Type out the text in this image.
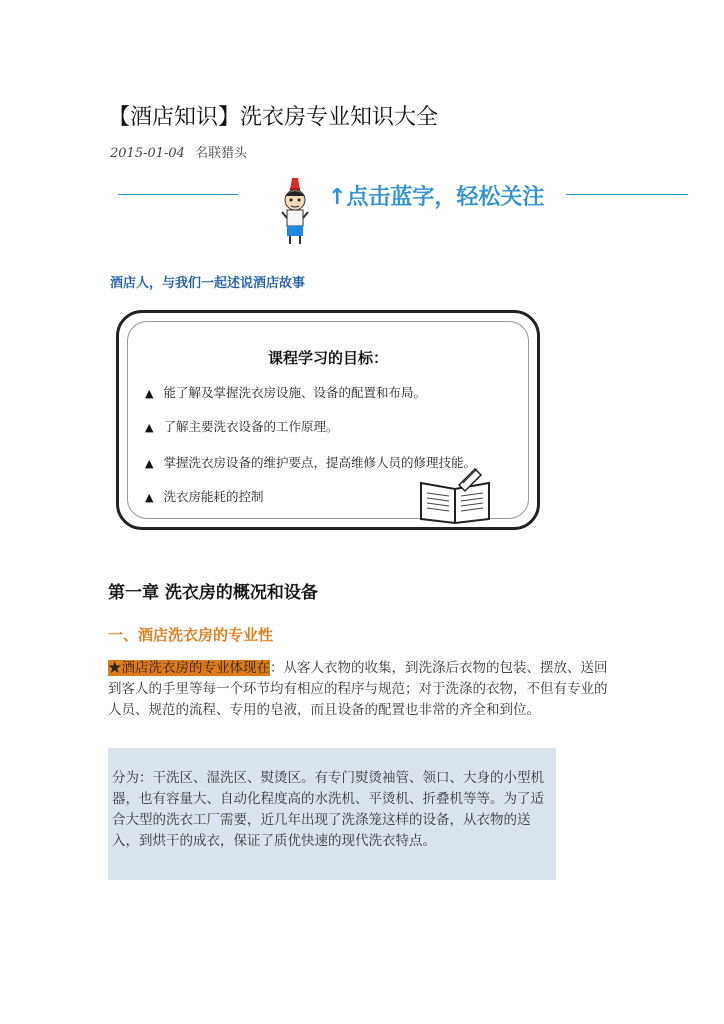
【酒店知识】洗衣房专业知识大全
2015-01-04 名联猎头
↑点击蓝字，轻松关注
酒店人，与我们一起述说酒店故事
课程学习的目标：
▲ 能了解及掌握洗衣房设施、设备的配置和布局。
▲ 了解主要洗衣设备的工作原理。
▲ 掌握洗衣房设备的维护要点，提高维修人员的修理技能。
▲ 洗衣房能耗的控制
第一章 洗衣房的概况和设备
一、酒店洗衣房的专业性
★酒店洗衣房的专业体现在：从客人衣物的收集，到洗涤后衣物的包装、摆放、送回到客人的手里等每一个环节均有相应的程序与规范；对于洗涤的衣物，不但有专业的人员、规范的流程、专用的皂液，而且设备的配置也非常的齐全和到位。
分为：干洗区、湿洗区、熨烫区。有专门熨烫袖管、领口、大身的小型机器，也有容量大、自动化程度高的水洗机、平烫机、折叠机等等。为了适合大型的洗衣工厂需要，近几年出现了洗涤笼这样的设备，从衣物的送入，到烘干的成衣，保证了质优快速的现代洗衣特点。
